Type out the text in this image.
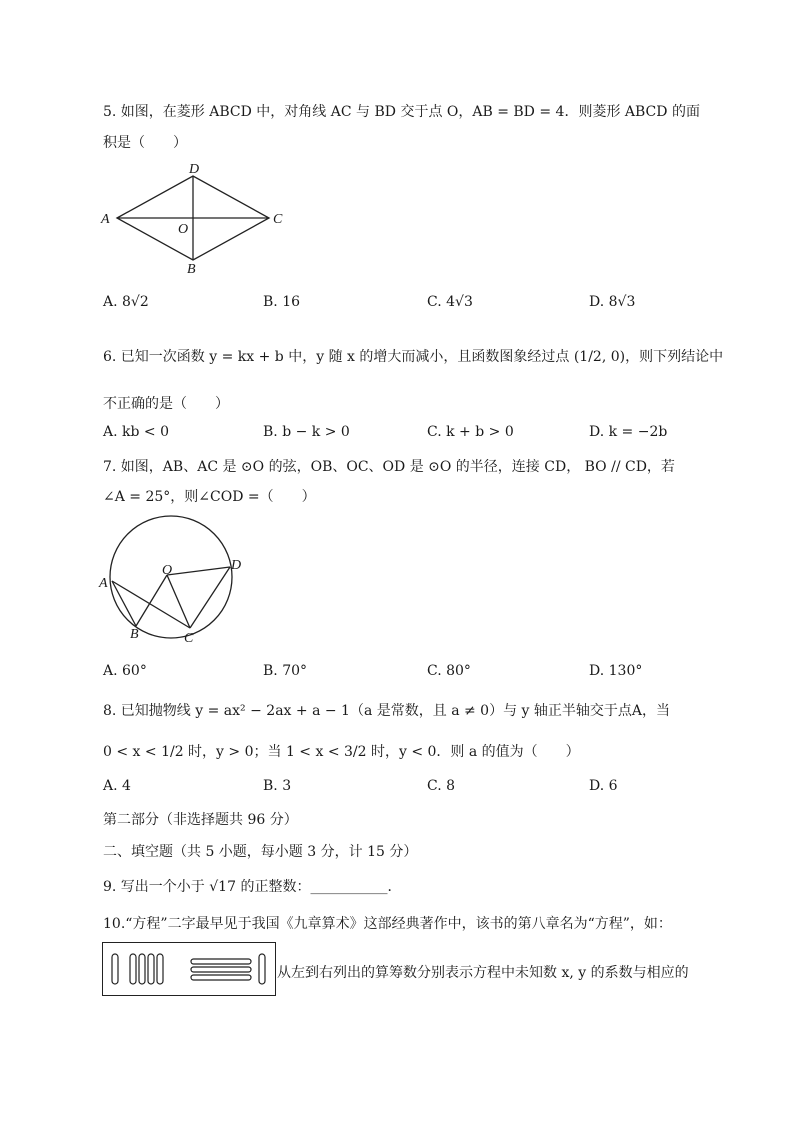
5. 如图，在菱形 ABCD 中，对角线 AC 与 BD 交于点 O，AB = BD = 4．则菱形 ABCD 的面
积是（　　）
A
D
C
O
B
A. 8√2	B. 16	C. 4√3	D. 8√3
6. 已知一次函数 y = kx + b 中，y 随 x 的增大而减小，且函数图象经过点 (1/2, 0)，则下列结论中
不正确的是（　　）
A. kb < 0	B. b − k > 0	C. k + b > 0	D. k = −2b
7. 如图，AB、AC 是 ⊙O 的弦，OB、OC、OD 是 ⊙O 的半径，连接 CD， BO // CD，若
∠A = 25°，则∠COD =（　　）
A
O	D
B	C
A. 60°	B. 70°	C. 80°	D. 130°
8. 已知抛物线 y = ax² − 2ax + a − 1（a 是常数，且 a ≠ 0）与 y 轴正半轴交于点A，当
0 < x < 1/2 时，y > 0；当 1 < x < 3/2 时，y < 0．则 a 的值为（　　）
A. 4	B. 3	C. 8	D. 6
第二部分（非选择题共 96 分）
二、填空题（共 5 小题，每小题 3 分，计 15 分）
9. 写出一个小于 √17 的正整数：___________．
10.“方程”二字最早见于我国《九章算术》这部经典著作中，该书的第八章名为“方程”，如：
从左到右列出的算筹数分别表示方程中未知数 x, y 的系数与相应的
